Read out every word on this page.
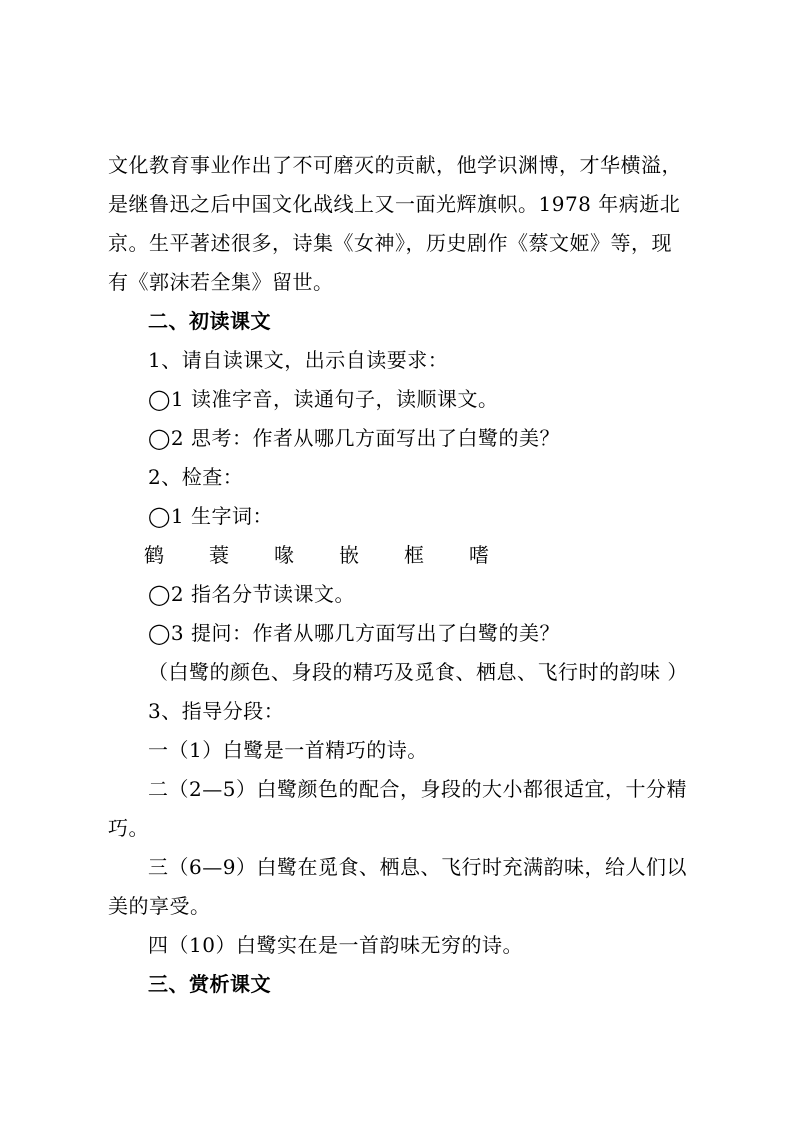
文化教育事业作出了不可磨灭的贡献，他学识渊博，才华横溢，

是继鲁迅之后中国文化战线上又一面光辉旗帜。1978 年病逝北

京。生平著述很多，诗集《女神》，历史剧作《蔡文姬》等，现

有《郭沫若全集》留世。

二、初读课文

1、请自读课文，出示自读要求：

◯1 读准字音，读通句子，读顺课文。

◯2 思考：作者从哪几方面写出了白鹭的美？

2、检查：

◯1 生字词：

鹤	蓑	喙	嵌	框	嗜

◯2 指名分节读课文。

◯3 提问：作者从哪几方面写出了白鹭的美？

（白鹭的颜色、身段的精巧及觅食、栖息、飞行时的韵味 ）

3、指导分段：

一（1）白鹭是一首精巧的诗。

二（2—5）白鹭颜色的配合，身段的大小都很适宜，十分精

巧。

三（6—9）白鹭在觅食、栖息、飞行时充满韵味，给人们以

美的享受。

四（10）白鹭实在是一首韵味无穷的诗。

三、赏析课文
